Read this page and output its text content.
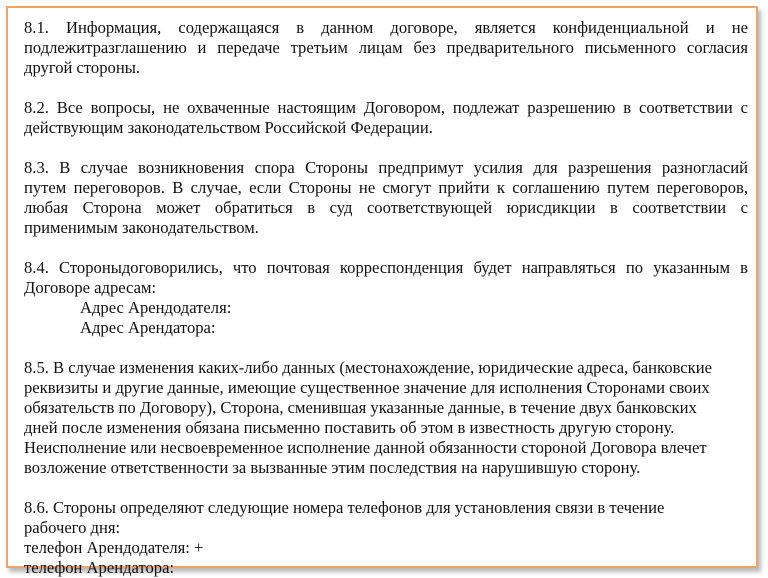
8.1. Информация, содержащаяся в данном договоре, является конфиденциальной и не
подлежитразглашению и передаче третьим лицам без предварительного письменного согласия
другой стороны.
8.2. Все вопросы, не охваченные настоящим Договором, подлежат разрешению в соответствии с
действующим законодательством Российской Федерации.
8.3. В случае возникновения спора Стороны предпримут усилия для разрешения разногласий
путем переговоров. В случае, если Стороны не смогут прийти к соглашению путем переговоров,
любая Сторона может обратиться в суд соответствующей юрисдикции в соответствии с
применимым законодательством.
8.4. Стороныдоговорились, что почтовая корреспонденция будет направляться по указанным в
Договоре адресам:
Адрес Арендодателя:
Адрес Арендатора:
8.5. В случае изменения каких-либо данных (местонахождение, юридические адреса, банковские
реквизиты и другие данные, имеющие существенное значение для исполнения Сторонами своих
обязательств по Договору), Сторона, сменившая указанные данные, в течение двух банковских
дней после изменения обязана письменно поставить об этом в известность другую сторону.
Неисполнение или несвоевременное исполнение данной обязанности стороной Договора влечет
возложение ответственности за вызванные этим последствия на нарушившую сторону.
8.6. Стороны определяют следующие номера телефонов для установления связи в течение
рабочего дня:
телефон Арендодателя: +
телефон Арендатора:
